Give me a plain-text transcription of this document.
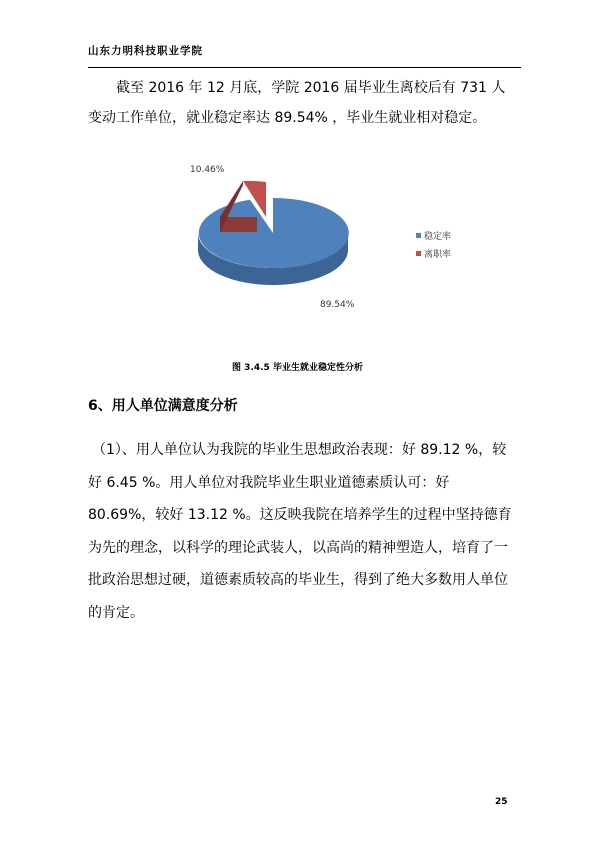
山东力明科技职业学院
截至 2016 年 12 月底，学院 2016 届毕业生离校后有 731 人变动工作单位，就业稳定率达 89.54% ，毕业生就业相对稳定。
10.46%
89.54%
稳定率
离职率
图 3.4.5 毕业生就业稳定性分析
6、用人单位满意度分析
（1）、用人单位认为我院的毕业生思想政治表现：好 89.12 %，较好 6.45 %。用人单位对我院毕业生职业道德素质认可：好 80.69%，较好 13.12 %。这反映我院在培养学生的过程中坚持德育为先的理念，以科学的理论武装人，以高尚的精神塑造人，培育了一批政治思想过硬，道德素质较高的毕业生，得到了绝大多数用人单位的肯定。
25
